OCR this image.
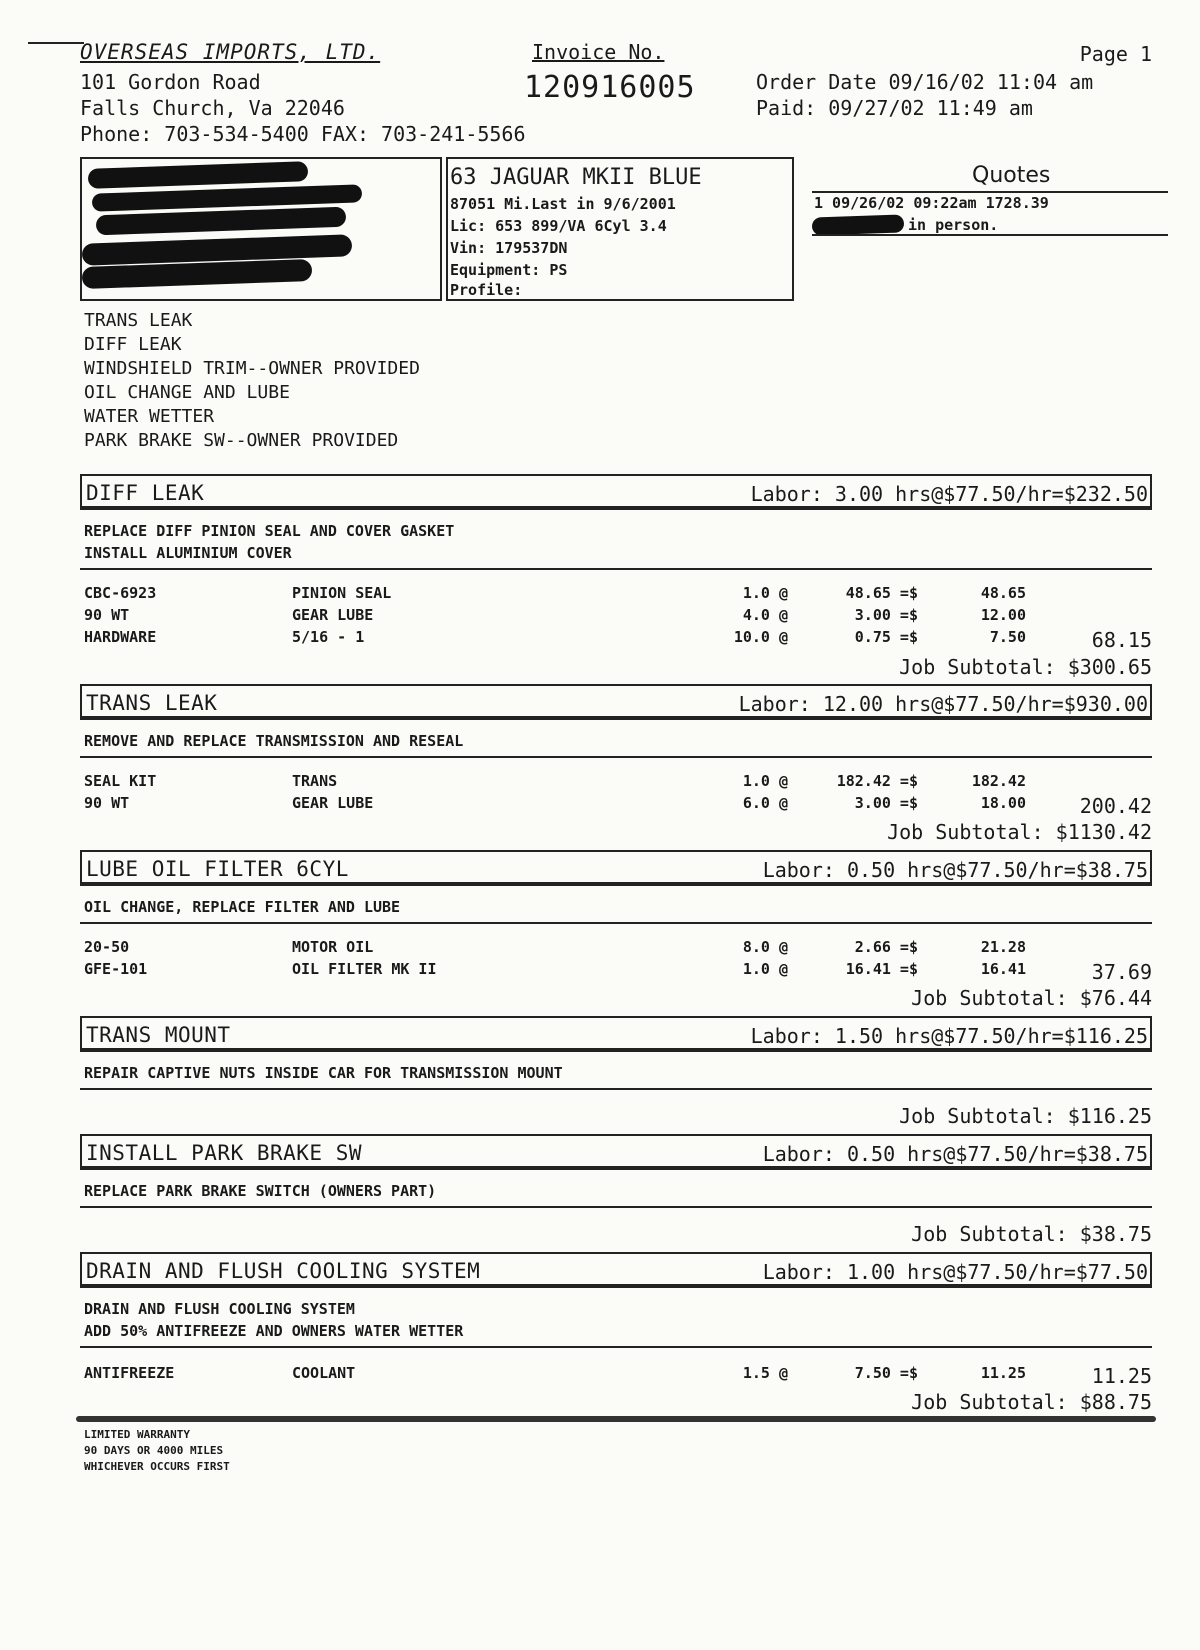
OVERSEAS IMPORTS, LTD.
101 Gordon Road
Falls Church, Va 22046
Phone: 703-534-5400 FAX: 703-241-5566
Invoice No.
120916005
Page 1
Order Date 09/16/02 11:04 am
Paid: 09/27/02 11:49 am
63 JAGUAR MKII BLUE
87051 Mi.Last in 9/6/2001
Lic: 653 899/VA 6Cyl 3.4
Vin: 179537DN
Equipment: PS
Profile:
Quotes
1 09/26/02 09:22am 1728.39
in person.
TRANS LEAK
DIFF LEAK
WINDSHIELD TRIM--OWNER PROVIDED
OIL CHANGE AND LUBE
WATER WETTER
PARK BRAKE SW--OWNER PROVIDED
DIFF LEAK	Labor: 3.00 hrs@$77.50/hr=$232.50
REPLACE DIFF PINION SEAL AND COVER GASKET
INSTALL ALUMINIUM COVER
CBC-6923	PINION SEAL	1.0 @	48.65 =$	48.65
90 WT	GEAR LUBE	4.0 @	3.00 =$	12.00
HARDWARE	5/16 - 1	10.0 @	0.75 =$	7.50	68.15
Job Subtotal: $300.65
TRANS LEAK	Labor: 12.00 hrs@$77.50/hr=$930.00
REMOVE AND REPLACE TRANSMISSION AND RESEAL
SEAL KIT	TRANS	1.0 @	182.42 =$	182.42
90 WT	GEAR LUBE	6.0 @	3.00 =$	18.00	200.42
Job Subtotal: $1130.42
LUBE OIL FILTER 6CYL	Labor: 0.50 hrs@$77.50/hr=$38.75
OIL CHANGE, REPLACE FILTER AND LUBE
20-50	MOTOR OIL	8.0 @	2.66 =$	21.28
GFE-101	OIL FILTER MK II	1.0 @	16.41 =$	16.41	37.69
Job Subtotal: $76.44
TRANS MOUNT	Labor: 1.50 hrs@$77.50/hr=$116.25
REPAIR CAPTIVE NUTS INSIDE CAR FOR TRANSMISSION MOUNT
Job Subtotal: $116.25
INSTALL PARK BRAKE SW	Labor: 0.50 hrs@$77.50/hr=$38.75
REPLACE PARK BRAKE SWITCH (OWNERS PART)
Job Subtotal: $38.75
DRAIN AND FLUSH COOLING SYSTEM	Labor: 1.00 hrs@$77.50/hr=$77.50
DRAIN AND FLUSH COOLING SYSTEM
ADD 50% ANTIFREEZE AND OWNERS WATER WETTER
ANTIFREEZE	COOLANT	1.5 @	7.50 =$	11.25	11.25
Job Subtotal: $88.75
LIMITED WARRANTY
90 DAYS OR 4000 MILES
WHICHEVER OCCURS FIRST
